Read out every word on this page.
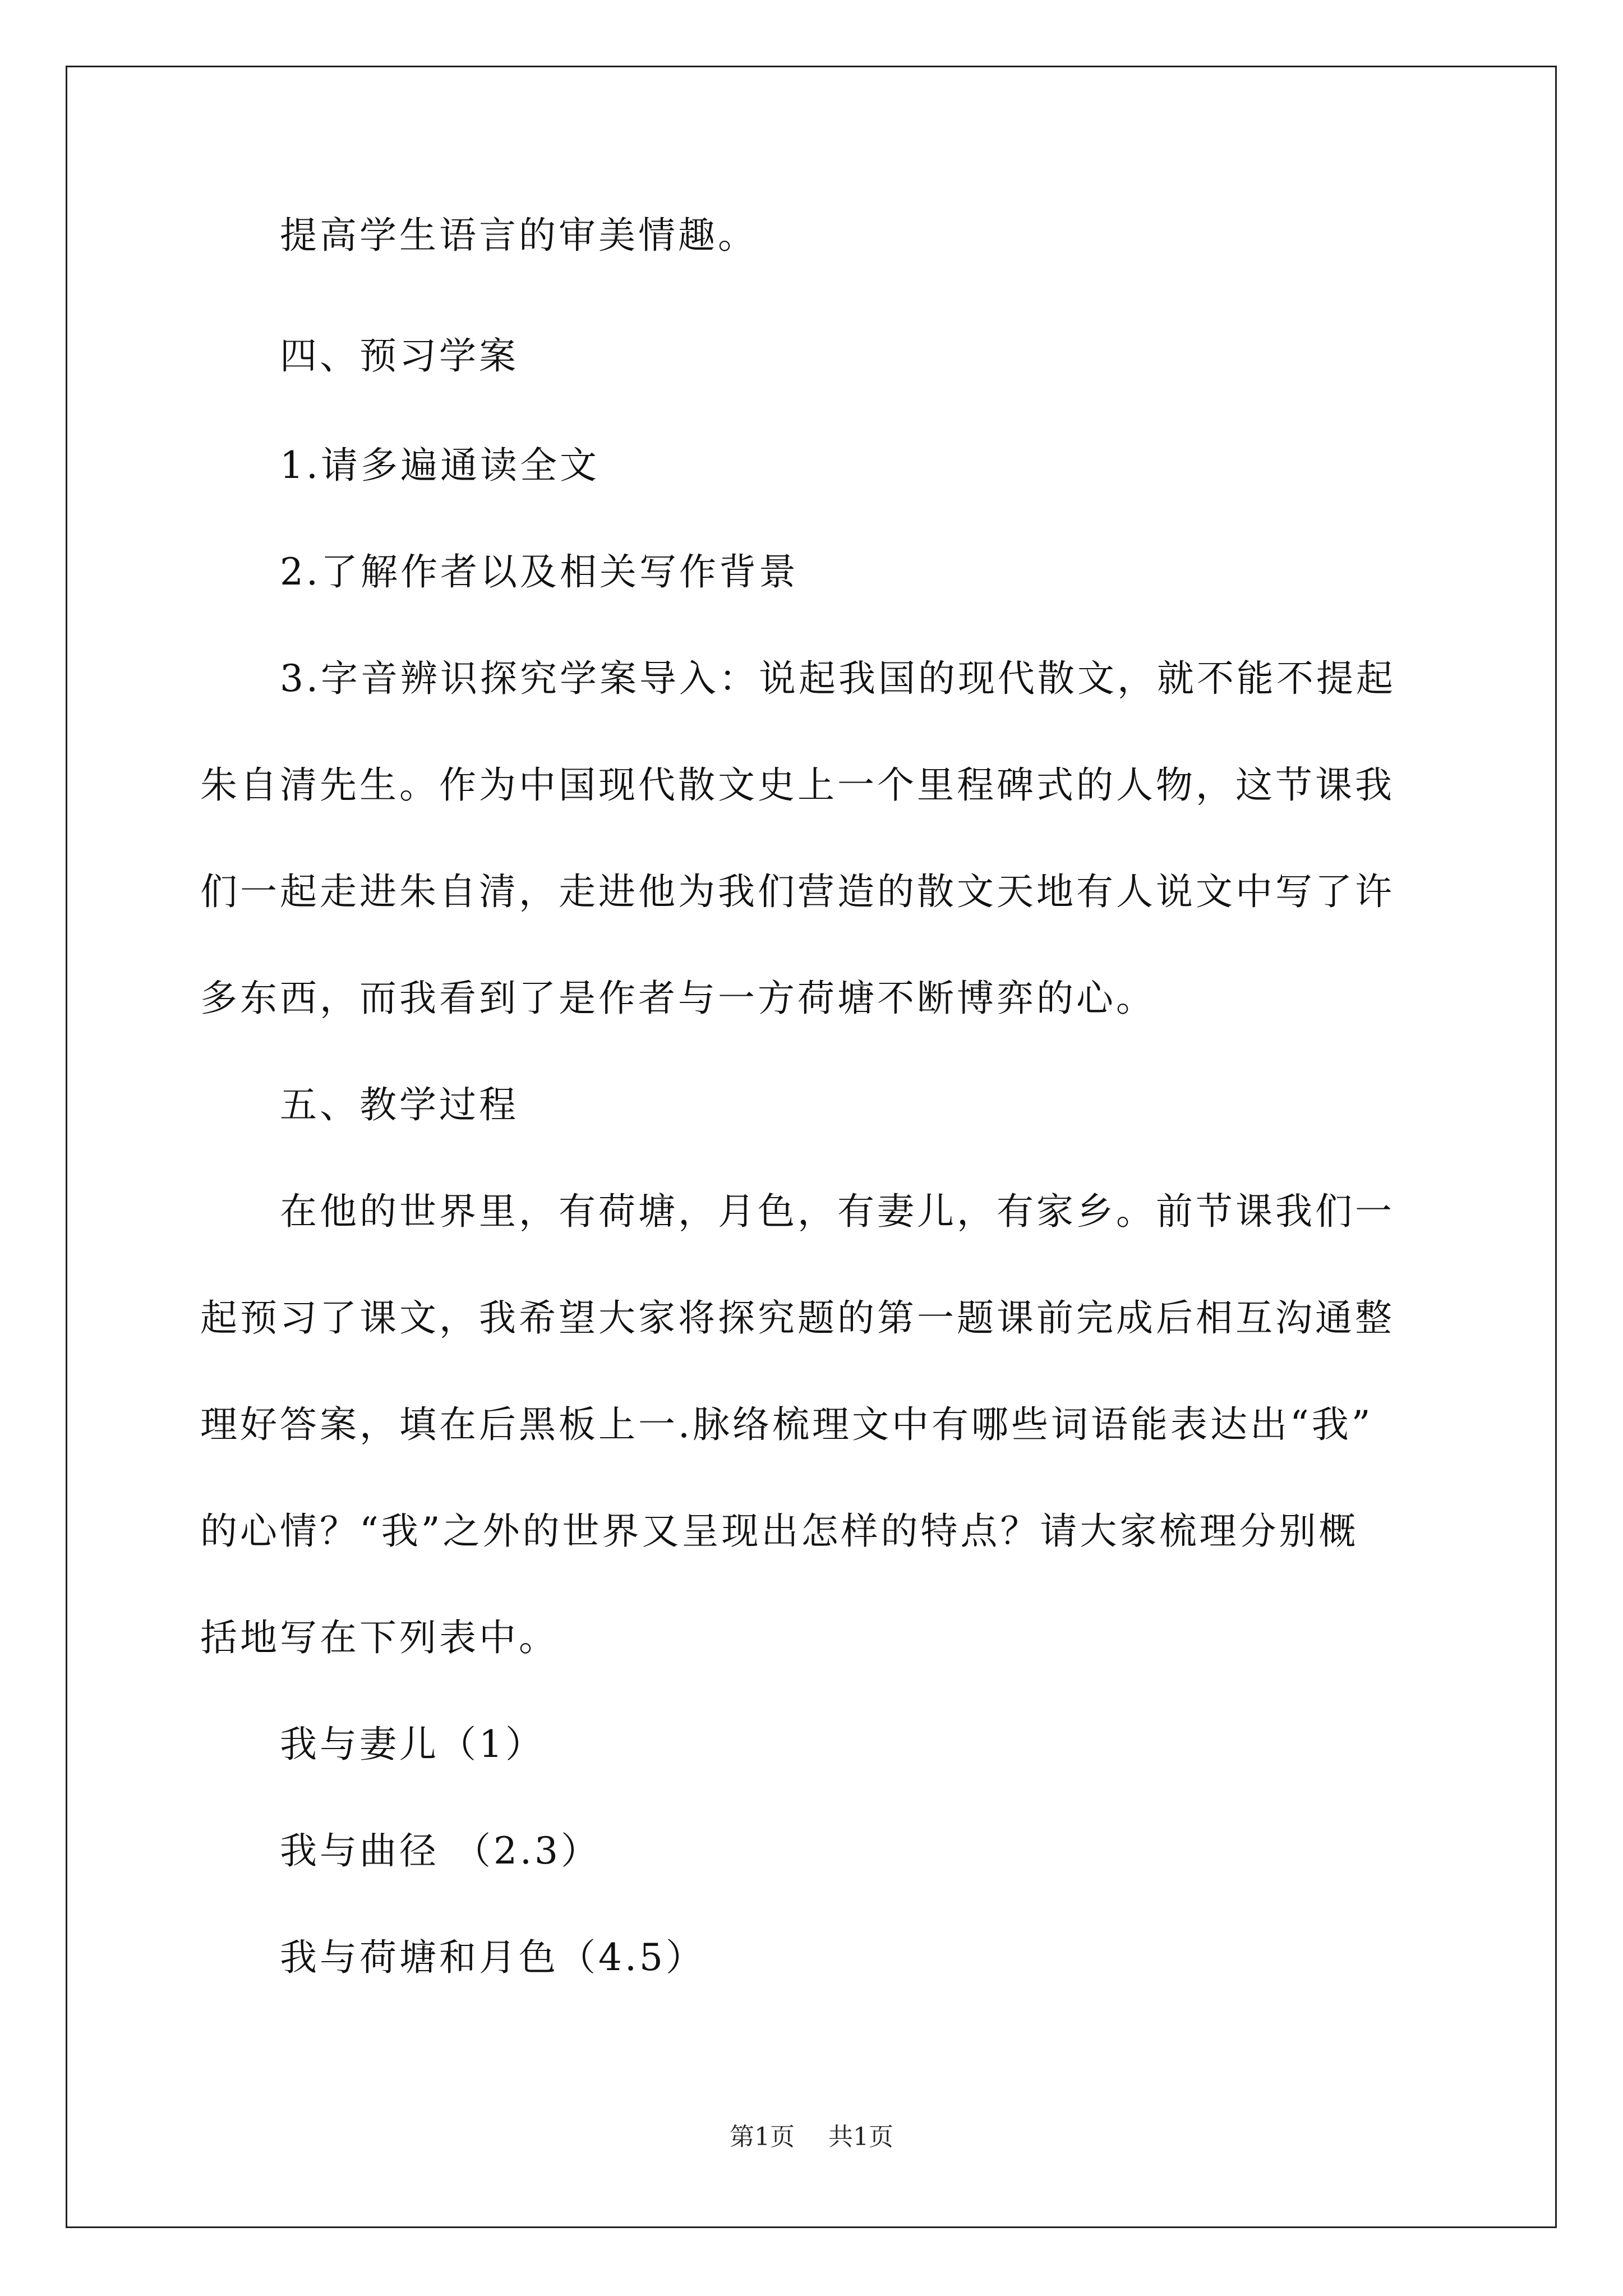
　　提高学生语言的审美情趣。
　　四、预习学案
　　1.请多遍通读全文
　　2.了解作者以及相关写作背景
　　3.字音辨识探究学案导入：说起我国的现代散文，就不能不提起
朱自清先生。作为中国现代散文史上一个里程碑式的人物，这节课我
们一起走进朱自清，走进他为我们营造的散文天地有人说文中写了许
多东西，而我看到了是作者与一方荷塘不断博弈的心。
　　五、教学过程
　　在他的世界里，有荷塘，月色，有妻儿，有家乡。前节课我们一
起预习了课文，我希望大家将探究题的第一题课前完成后相互沟通整
理好答案，填在后黑板上一.脉络梳理文中有哪些词语能表达出“我”
的心情？“我”之外的世界又呈现出怎样的特点？请大家梳理分别概
括地写在下列表中。
　　我与妻儿（1）
　　我与曲径 （2.3）
　　我与荷塘和月色（4.5）
第1页 共1页
